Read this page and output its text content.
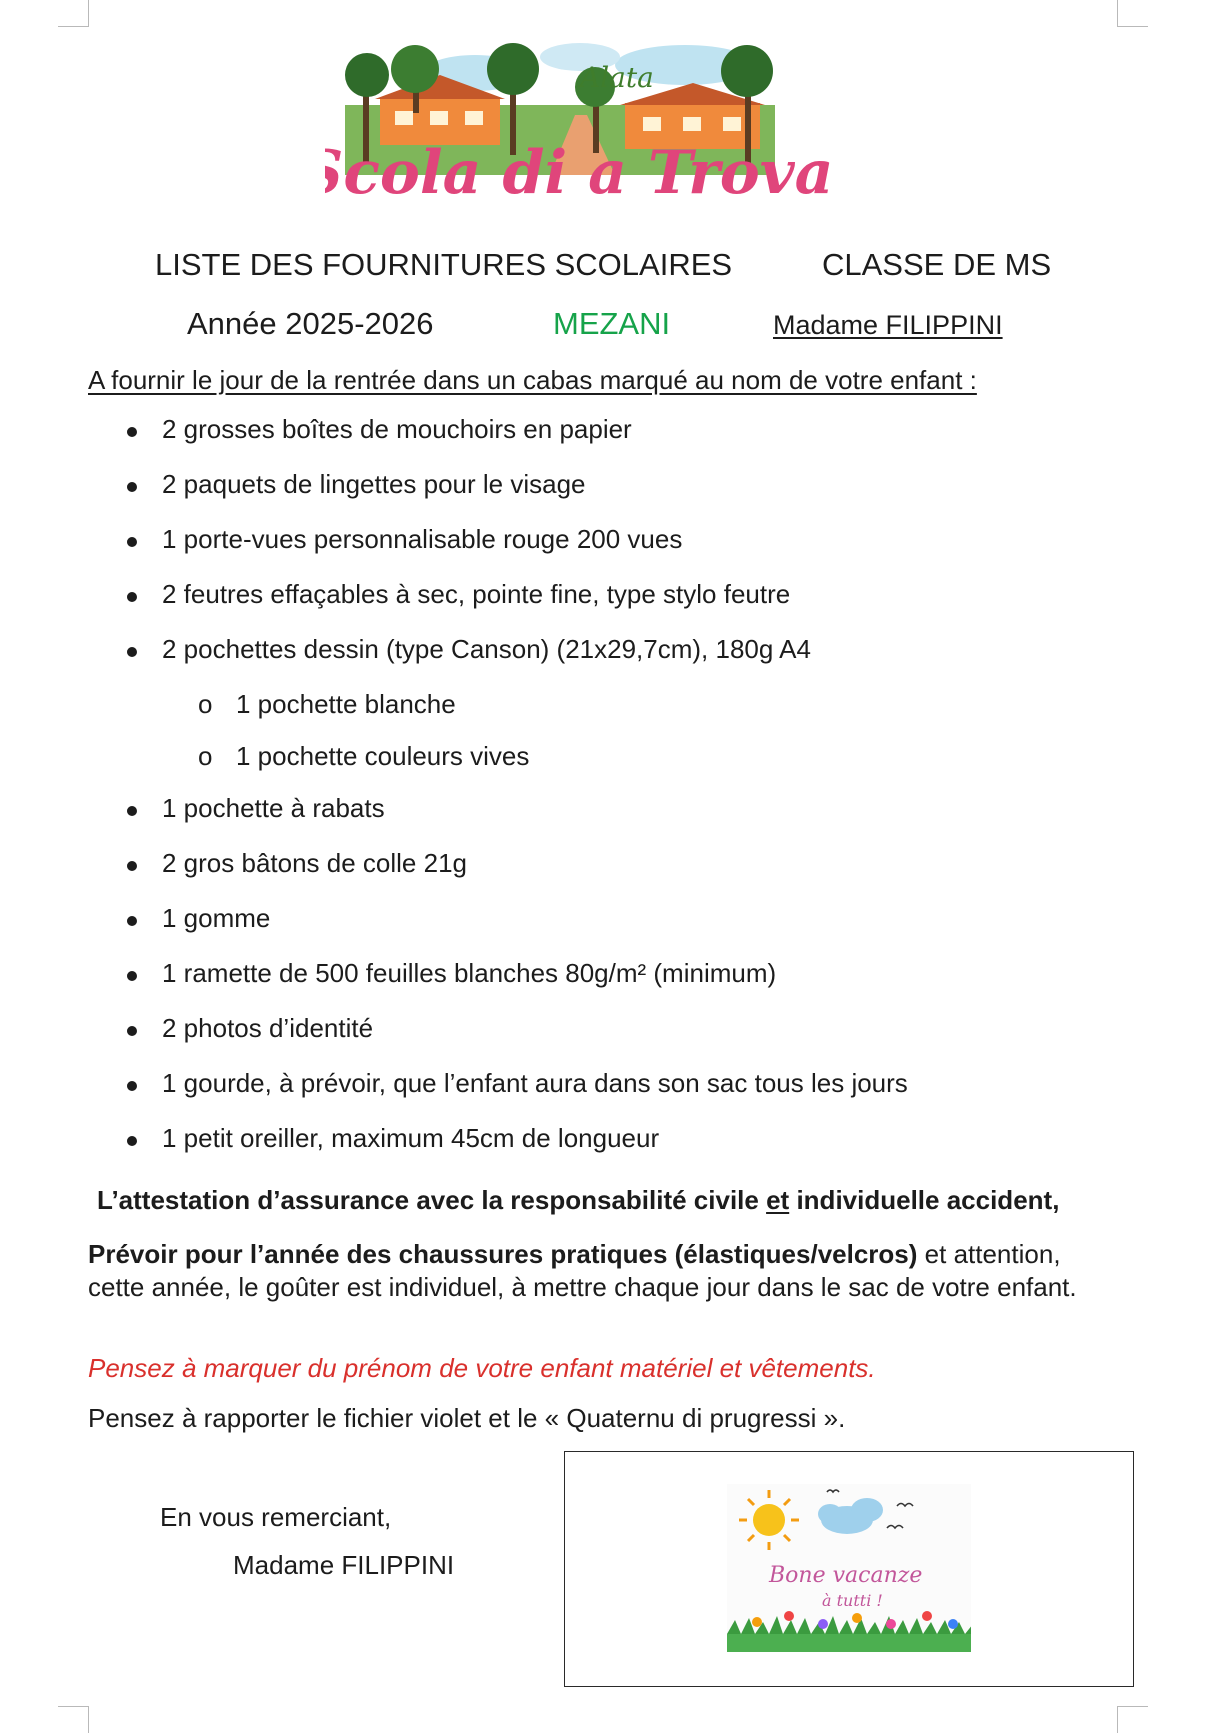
Alata
Scola di a Trova
LISTE DES FOURNITURES SCOLAIRES	CLASSE DE MS
Année 2025-2026	MEZANI	Madame FILIPPINI
A fournir le jour de la rentrée dans un cabas marqué au nom de votre enfant :
2 grosses boîtes de mouchoirs en papier
2 paquets de lingettes pour le visage
1 porte-vues personnalisable rouge 200 vues
2 feutres effaçables à sec, pointe fine, type stylo feutre
2 pochettes dessin (type Canson) (21x29,7cm), 180g A4
o 1 pochette blanche
o 1 pochette couleurs vives
1 pochette à rabats
2 gros bâtons de colle 21g
1 gomme
1 ramette de 500 feuilles blanches 80g/m² (minimum)
2 photos d’identité
1 gourde, à prévoir, que l’enfant aura dans son sac tous les jours
1 petit oreiller, maximum 45cm de longueur
L’attestation d’assurance avec la responsabilité civile et individuelle accident,
Prévoir pour l’année des chaussures pratiques (élastiques/velcros) et attention, cette année, le goûter est individuel, à mettre chaque jour dans le sac de votre enfant.
Pensez à marquer du prénom de votre enfant matériel et vêtements.
Pensez à rapporter le fichier violet et le « Quaternu di prugressi ».
En vous remerciant,
Madame FILIPPINI	Bone vacanze
à tutti !
